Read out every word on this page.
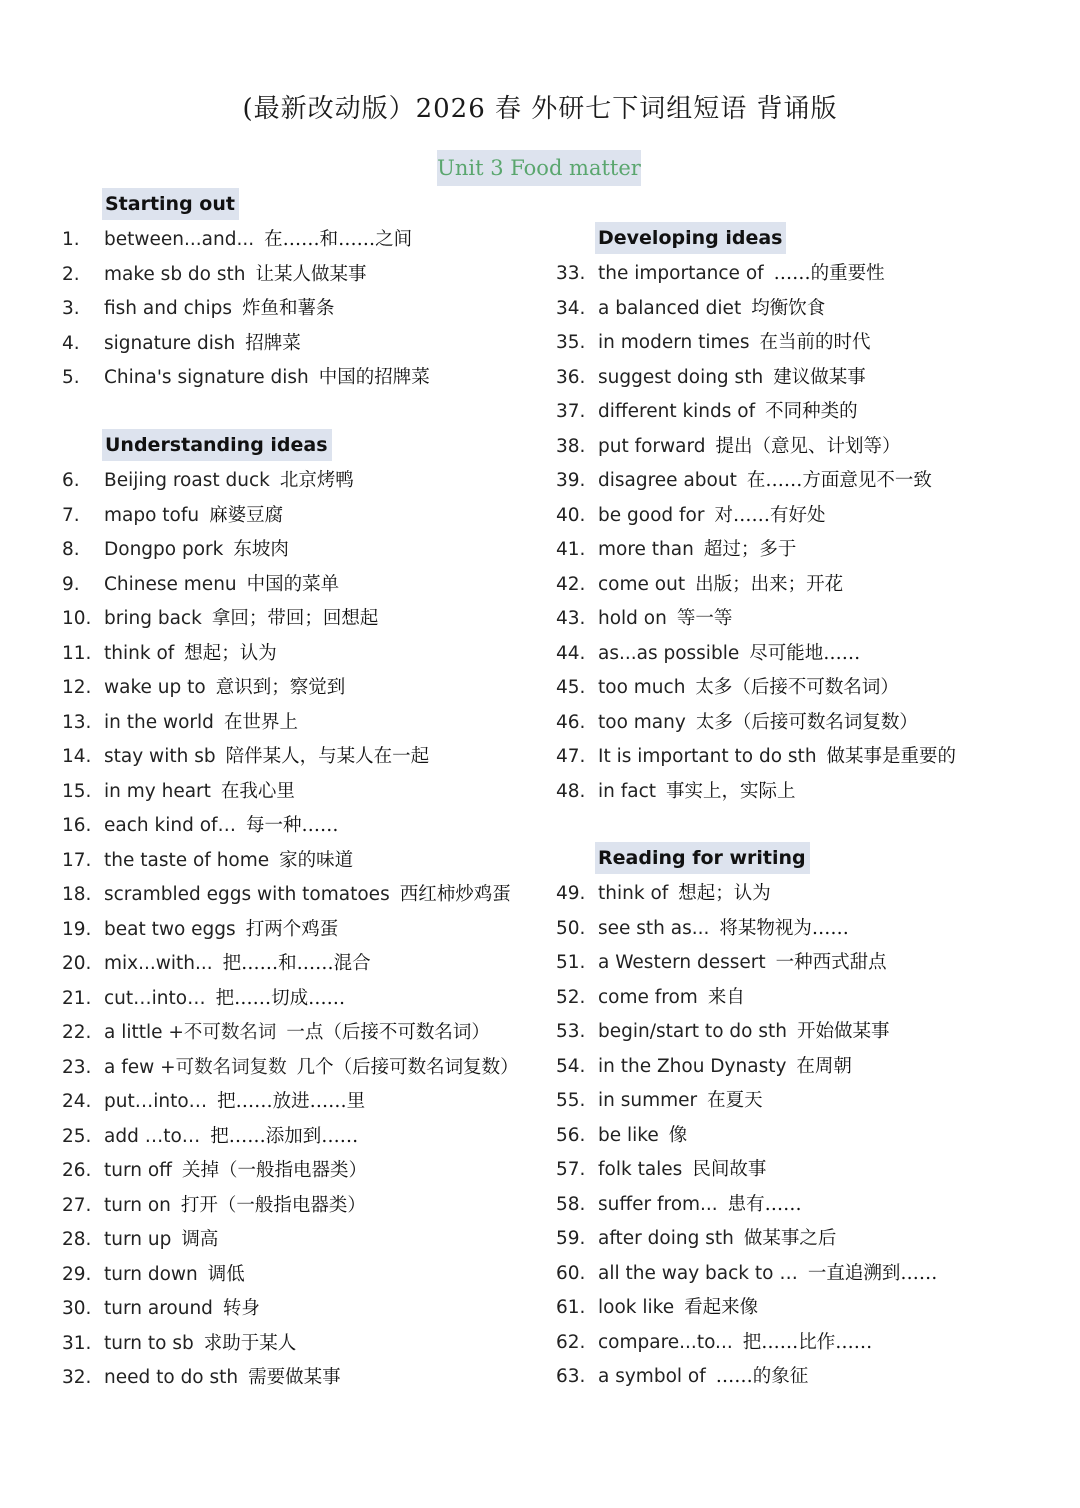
(最新改动版）2026 春 外研七下词组短语 背诵版
Unit 3 Food matter
Starting out
1. between...and... 在……和……之间
2. make sb do sth 让某人做某事
3. fish and chips 炸鱼和薯条
4. signature dish 招牌菜
5. China's signature dish 中国的招牌菜
Understanding ideas
6. Beijing roast duck 北京烤鸭
7. mapo tofu 麻婆豆腐
8. Dongpo pork 东坡肉
9. Chinese menu 中国的菜单
10. bring back 拿回；带回；回想起
11. think of 想起；认为
12. wake up to 意识到；察觉到
13. in the world 在世界上
14. stay with sb 陪伴某人，与某人在一起
15. in my heart 在我心里
16. each kind of… 每一种……
17. the taste of home 家的味道
18. scrambled eggs with tomatoes 西红柿炒鸡蛋
19. beat two eggs 打两个鸡蛋
20. mix...with... 把……和……混合
21. cut…into… 把……切成……
22. a little +不可数名词 一点（后接不可数名词）
23. a few +可数名词复数 几个（后接可数名词复数）
24. put…into… 把……放进……里
25. add …to… 把……添加到……
26. turn off 关掉（一般指电器类）
27. turn on 打开（一般指电器类）
28. turn up 调高
29. turn down 调低
30. turn around 转身
31. turn to sb 求助于某人
32. need to do sth 需要做某事
Developing ideas
33. the importance of ……的重要性
34. a balanced diet 均衡饮食
35. in modern times 在当前的时代
36. suggest doing sth 建议做某事
37. different kinds of 不同种类的
38. put forward 提出（意见、计划等）
39. disagree about 在……方面意见不一致
40. be good for 对……有好处
41. more than 超过；多于
42. come out 出版；出来；开花
43. hold on 等一等
44. as...as possible 尽可能地……
45. too much 太多（后接不可数名词）
46. too many 太多（后接可数名词复数）
47. It is important to do sth 做某事是重要的
48. in fact 事实上，实际上
Reading for writing
49. think of 想起；认为
50. see sth as... 将某物视为……
51. a Western dessert 一种西式甜点
52. come from 来自
53. begin/start to do sth 开始做某事
54. in the Zhou Dynasty 在周朝
55. in summer 在夏天
56. be like 像
57. folk tales 民间故事
58. suffer from... 患有……
59. after doing sth 做某事之后
60. all the way back to … 一直追溯到……
61. look like 看起来像
62. compare...to... 把……比作……
63. a symbol of ……的象征
